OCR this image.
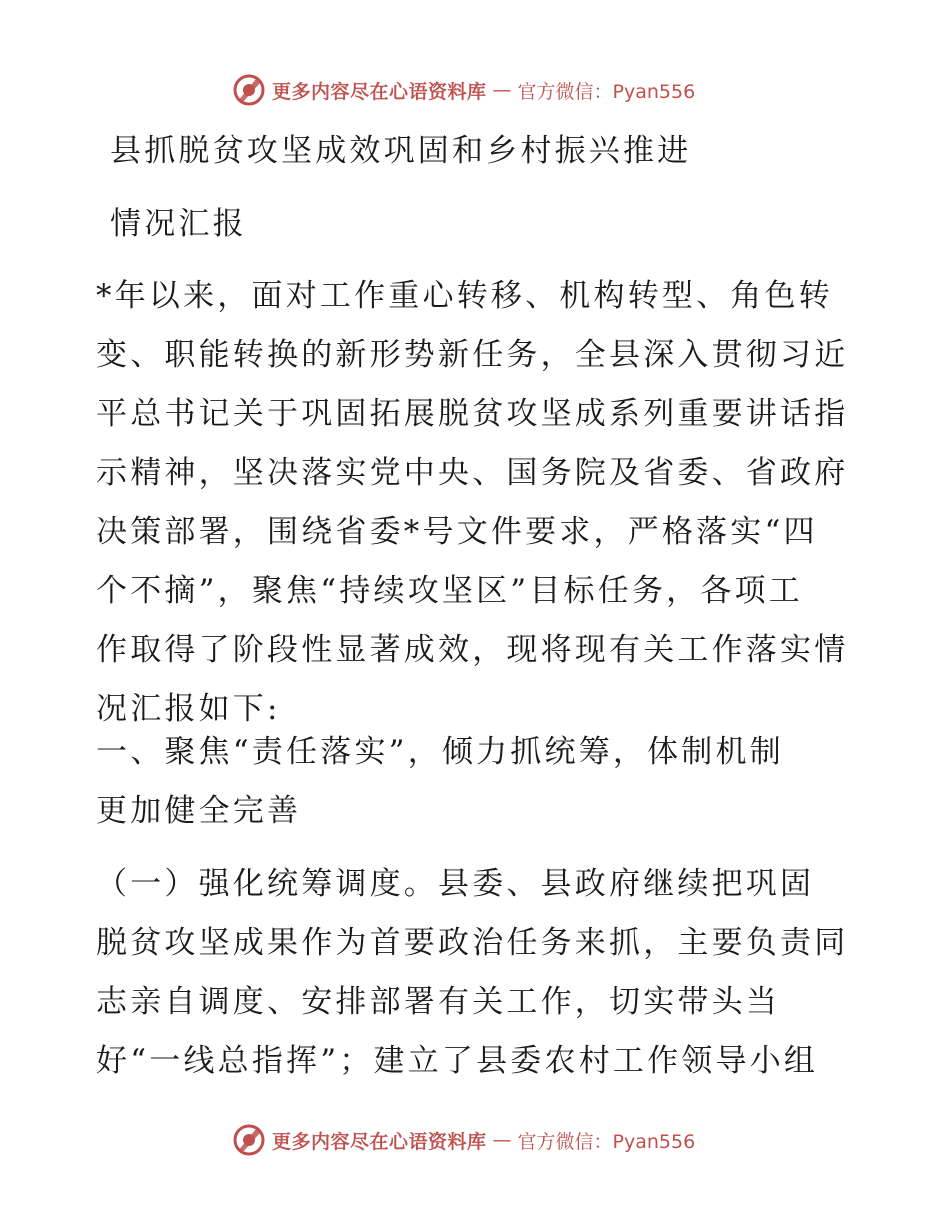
更多内容尽在心语资料库 — 官方微信：Pyan556
县抓脱贫攻坚成效巩固和乡村振兴推进
情况汇报
*年以来，面对工作重心转移、机构转型、角色转
变、职能转换的新形势新任务，全县深入贯彻习近
平总书记关于巩固拓展脱贫攻坚成系列重要讲话指
示精神，坚决落实党中央、国务院及省委、省政府
决策部署，围绕省委*号文件要求，严格落实“四
个不摘”，聚焦“持续攻坚区”目标任务，各项工
作取得了阶段性显著成效，现将现有关工作落实情
况汇报如下:
一、聚焦“责任落实”，倾力抓统筹，体制机制
更加健全完善
（一）强化统筹调度。县委、县政府继续把巩固
脱贫攻坚成果作为首要政治任务来抓，主要负责同
志亲自调度、安排部署有关工作，切实带头当
好“一线总指挥”；建立了县委农村工作领导小组
更多内容尽在心语资料库 — 官方微信：Pyan556
